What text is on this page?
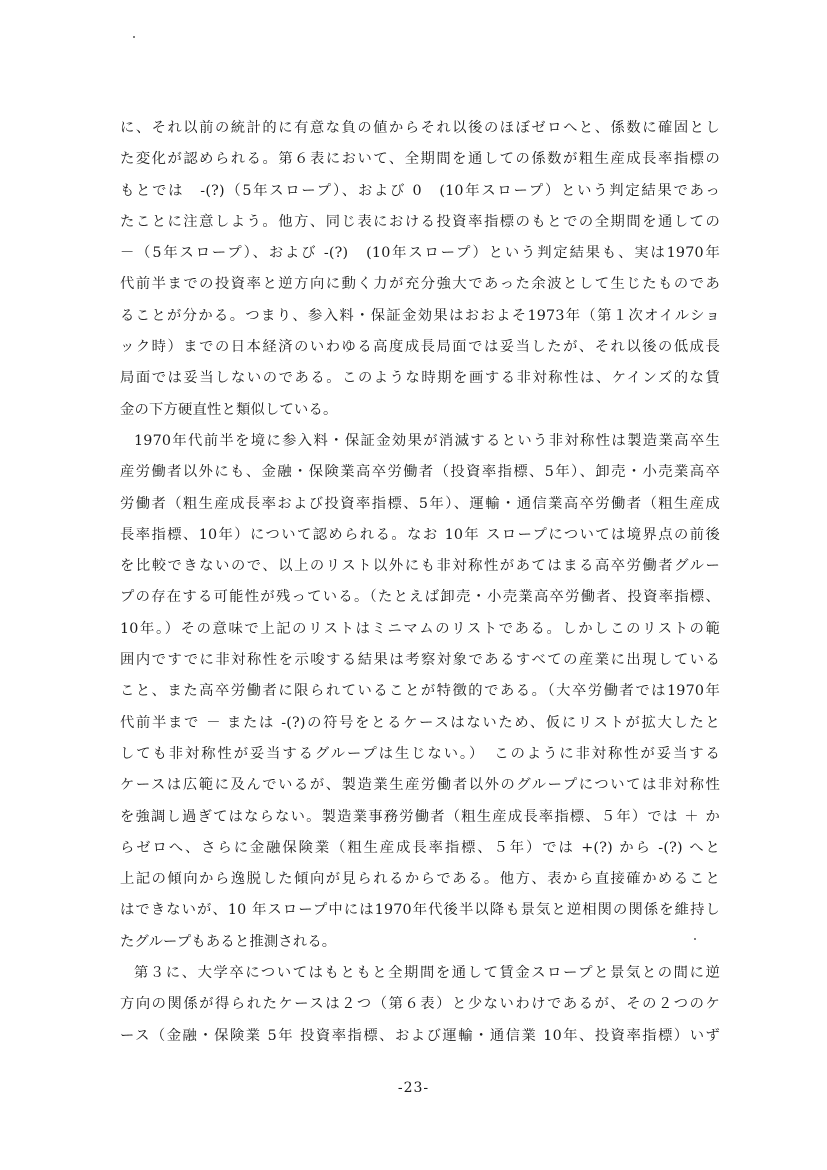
に、それ以前の統計的に有意な負の値からそれ以後のほぼゼロへと、係数に確固とし
た変化が認められる。第６表において、全期間を通しての係数が粗生産成長率指標の
もとでは　-(?)（5年スロープ）、および 0　(10年スロープ）という判定結果であっ
たことに注意しよう。他方、同じ表における投資率指標のもとでの全期間を通しての
－（5年スロープ）、および -(?)　(10年スロープ）という判定結果も、実は1970年
代前半までの投資率と逆方向に動く力が充分強大であった余波として生じたものであ
ることが分かる。つまり、参入料・保証金効果はおおよそ1973年（第１次オイルショ
ック時）までの日本経済のいわゆる高度成長局面では妥当したが、それ以後の低成長
局面では妥当しないのである。このような時期を画する非対称性は、ケインズ的な賃
金の下方硬直性と類似している。
1970年代前半を境に参入料・保証金効果が消滅するという非対称性は製造業高卒生
産労働者以外にも、金融・保険業高卒労働者（投資率指標、5年）、卸売・小売業高卒
労働者（粗生産成長率および投資率指標、5年）、運輸・通信業高卒労働者（粗生産成
長率指標、10年）について認められる。なお 10年 スロープについては境界点の前後
を比較できないので、以上のリスト以外にも非対称性があてはまる高卒労働者グルー
プの存在する可能性が残っている。（たとえば卸売・小売業高卒労働者、投資率指標、
10年。）その意味で上記のリストはミニマムのリストである。しかしこのリストの範
囲内ですでに非対称性を示唆する結果は考察対象であるすべての産業に出現している
こと、また高卒労働者に限られていることが特徴的である。（大卒労働者では1970年
代前半まで － または -(?)の符号をとるケースはないため、仮にリストが拡大したと
しても非対称性が妥当するグループは生じない。）　このように非対称性が妥当する
ケースは広範に及んでいるが、製造業生産労働者以外のグループについては非対称性
を強調し過ぎてはならない。製造業事務労働者（粗生産成長率指標、５年）では ＋ か
らゼロへ、さらに金融保険業（粗生産成長率指標、５年）では +(?) から -(?) へと
上記の傾向から逸脱した傾向が見られるからである。他方、表から直接確かめること
はできないが、10 年スロープ中には1970年代後半以降も景気と逆相関の関係を維持し
たグループもあると推測される。
第３に、大学卒についてはもともと全期間を通して賃金スロープと景気との間に逆
方向の関係が得られたケースは２つ（第６表）と少ないわけであるが、その２つのケ
ース（金融・保険業 5年 投資率指標、および運輸・通信業 10年、投資率指標）いず
-23-
